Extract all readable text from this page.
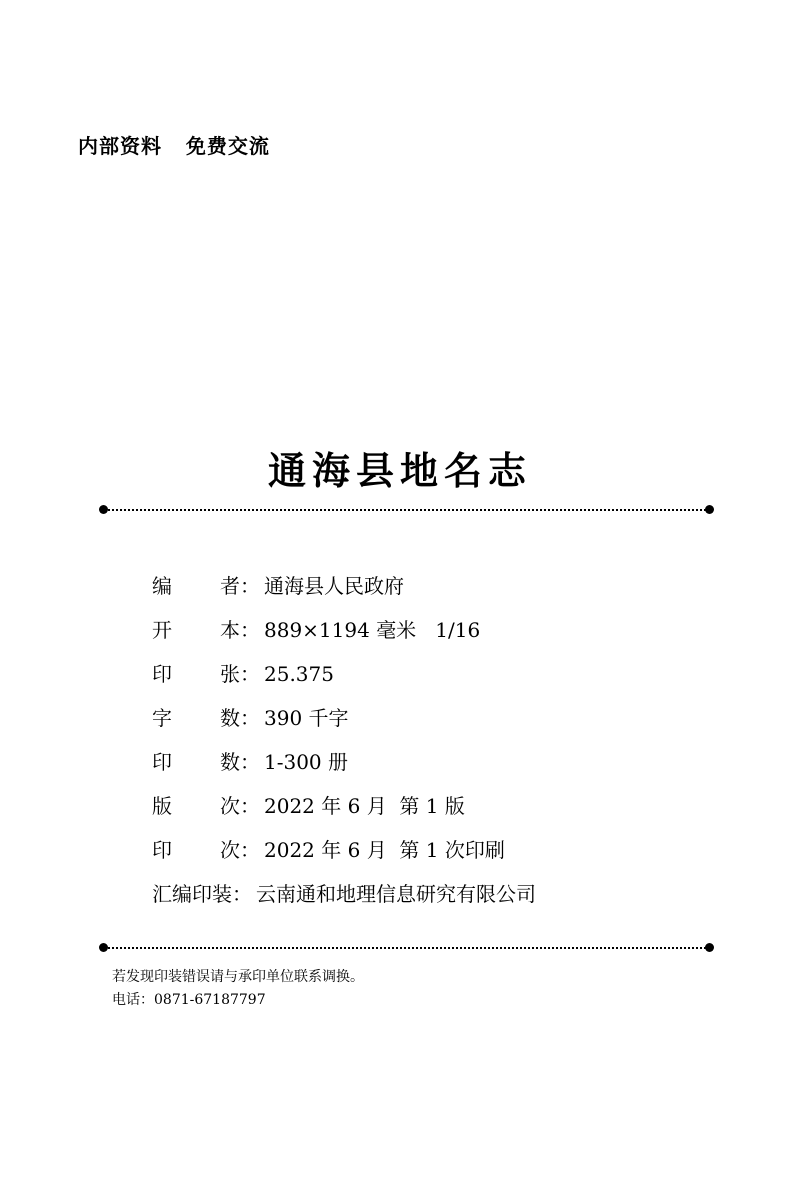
内部资料   免费交流
通海县地名志
编	者 ： 通海县人民政府
开	本 ： 889×1194 毫米   1/16
印	张 ： 25.375
字	数 ： 390 千字
印	数 ： 1-300 册
版	次 ： 2022 年 6 月  第 1 版
印	次 ： 2022 年 6 月  第 1 次印刷
汇编印装 ： 云南通和地理信息研究有限公司
若发现印装错误请与承印单位联系调换。
电话：0871-67187797
